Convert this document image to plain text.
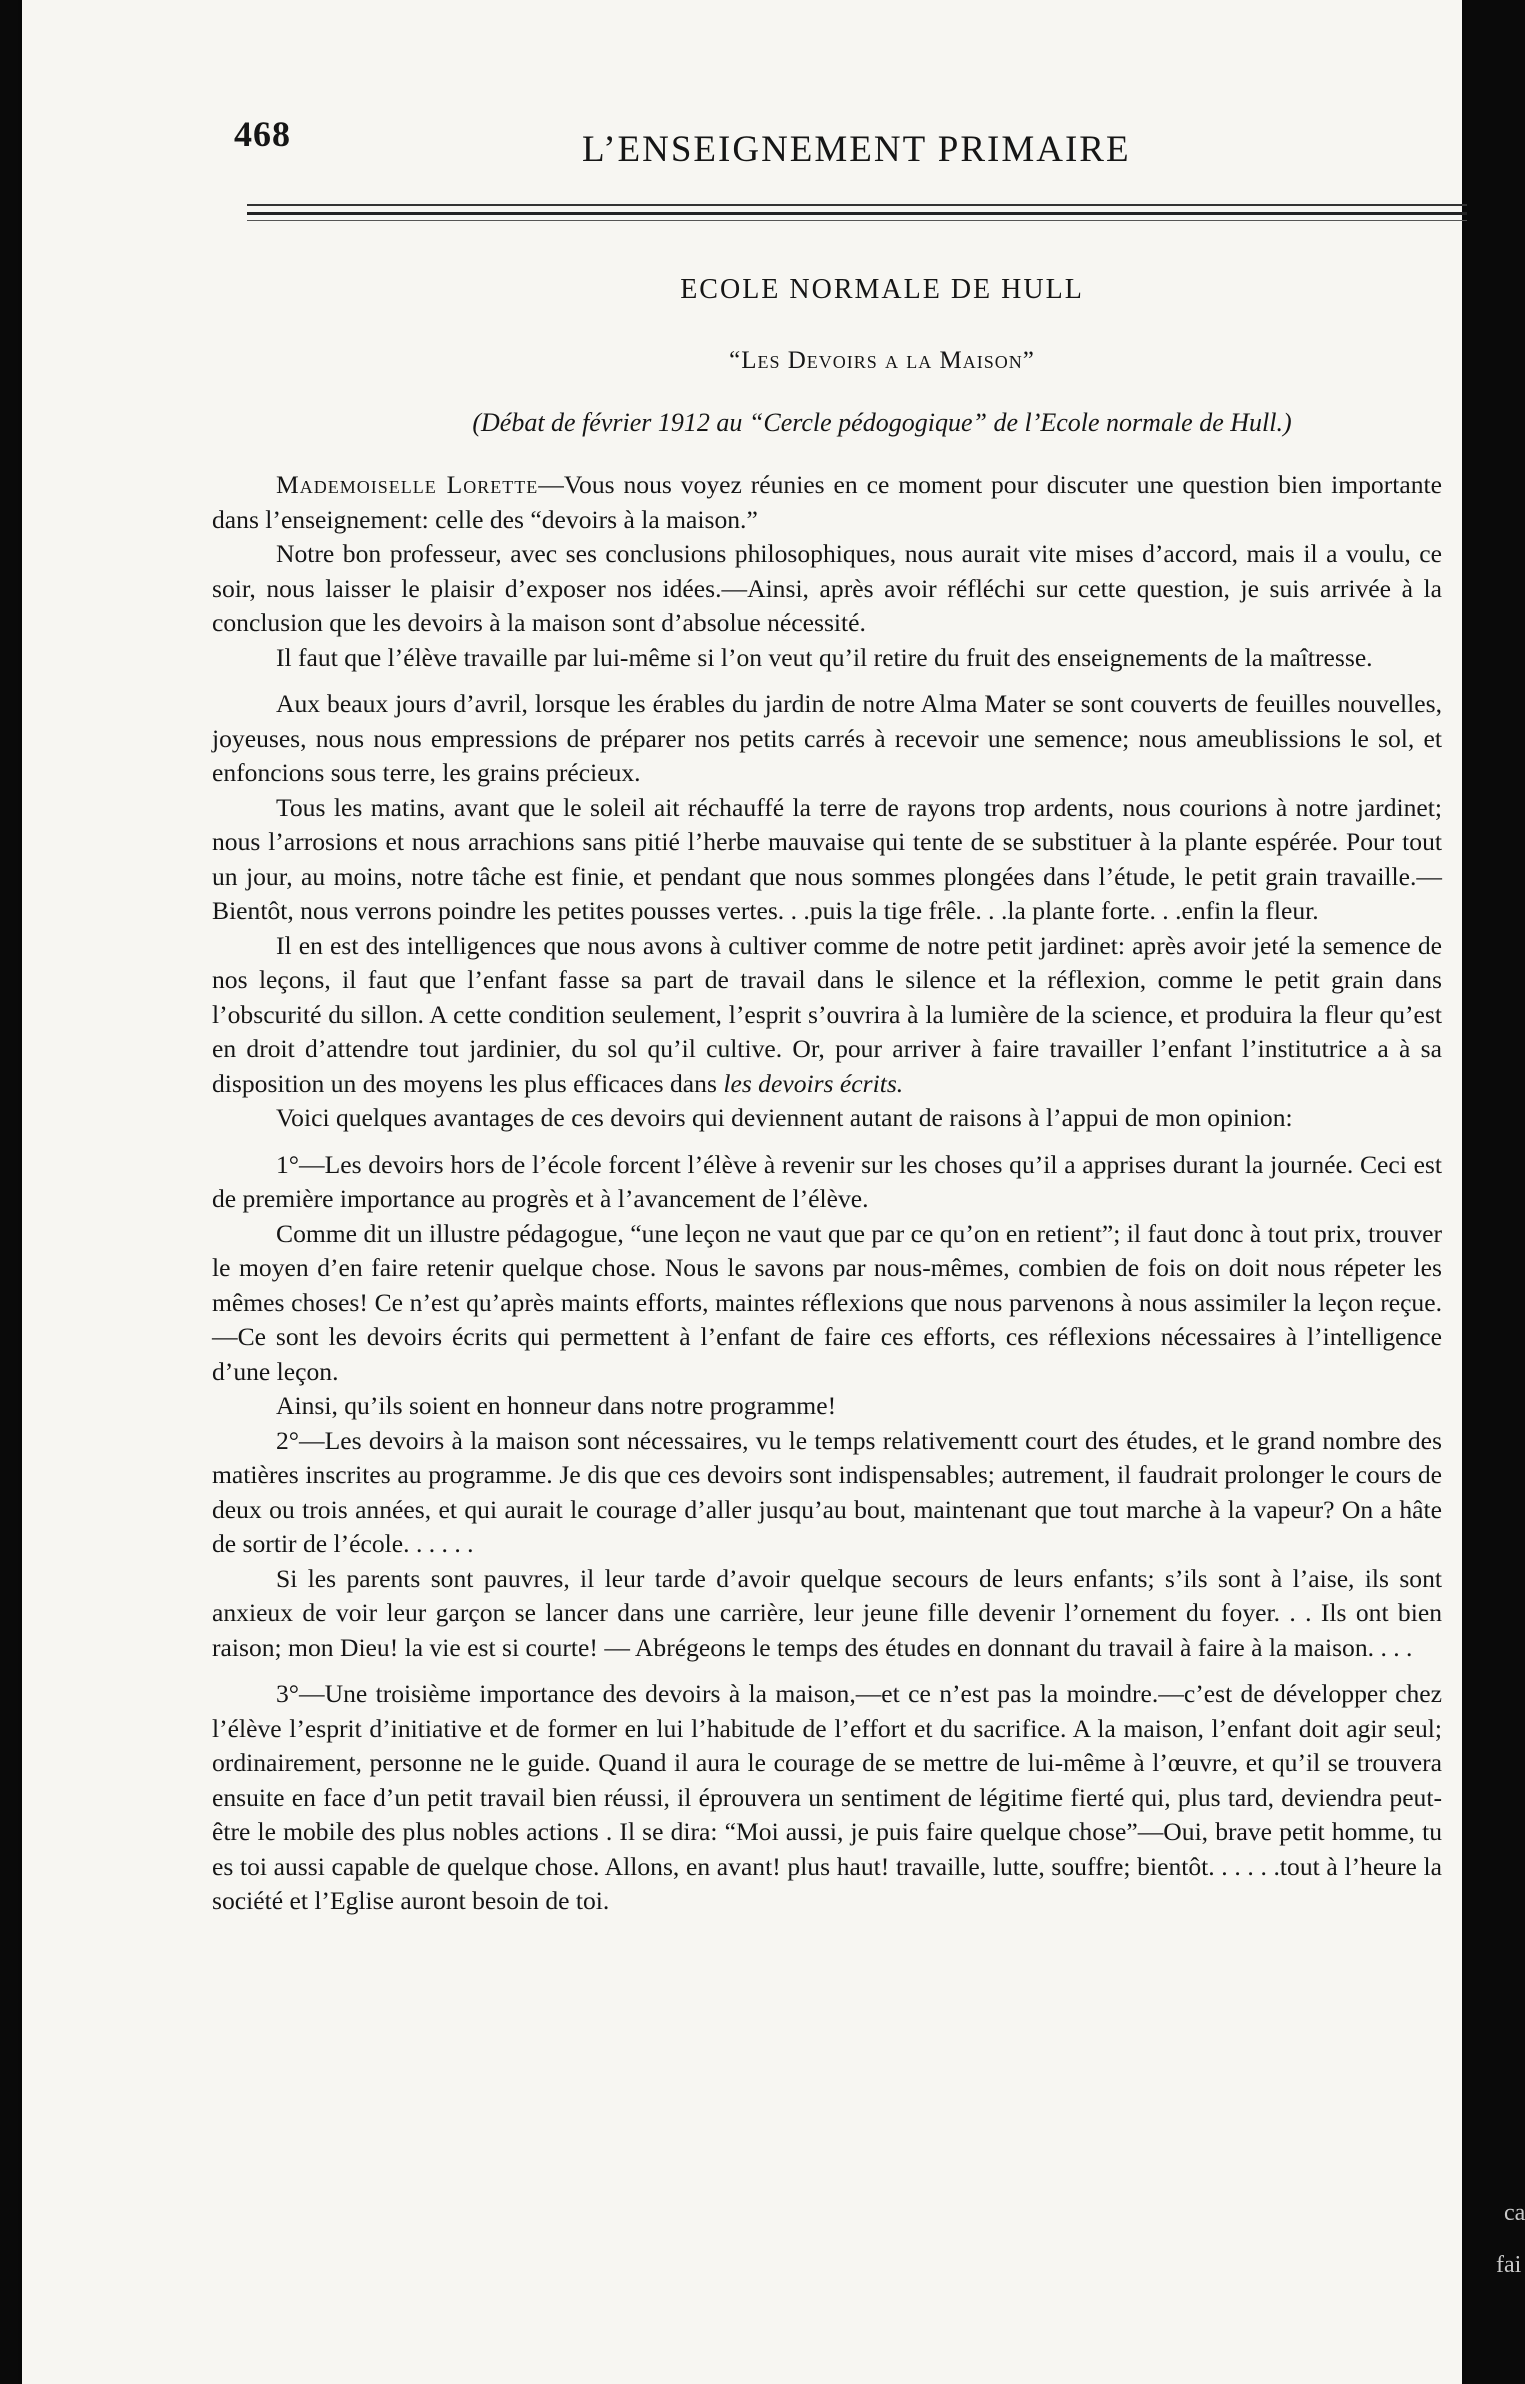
468	L’ENSEIGNEMENT PRIMAIRE
ECOLE NORMALE DE HULL
“Les Devoirs a la Maison”
(Débat de février 1912 au “Cercle pédogogique” de l’Ecole normale de Hull.)

Mademoiselle Lorette—Vous nous voyez réunies en ce moment pour discuter une question bien importante dans l’enseignement: celle des “devoirs à la maison.”

Notre bon professeur, avec ses conclusions philosophiques, nous aurait vite mises d’accord, mais il a voulu, ce soir, nous laisser le plaisir d’exposer nos idées.—Ainsi, après avoir réfléchi sur cette question, je suis arrivée à la conclusion que les devoirs à la maison sont d’absolue nécessité.

Il faut que l’élève travaille par lui-même si l’on veut qu’il retire du fruit des enseignements de la maîtresse.

Aux beaux jours d’avril, lorsque les érables du jardin de notre Alma Mater se sont couverts de feuilles nouvelles, joyeuses, nous nous empressions de préparer nos petits carrés à recevoir une semence; nous ameublissions le sol, et enfoncions sous terre, les grains précieux.

Tous les matins, avant que le soleil ait réchauffé la terre de rayons trop ardents, nous courions à notre jardinet; nous l’arrosions et nous arrachions sans pitié l’herbe mauvaise qui tente de se substituer à la plante espérée. Pour tout un jour, au moins, notre tâche est finie, et pendant que nous sommes plongées dans l’étude, le petit grain travaille.—Bientôt, nous verrons poindre les petites pousses vertes. . .puis la tige frêle. . .la plante forte. . .enfin la fleur.

Il en est des intelligences que nous avons à cultiver comme de notre petit jardinet: après avoir jeté la semence de nos leçons, il faut que l’enfant fasse sa part de travail dans le silence et la réflexion, comme le petit grain dans l’obscurité du sillon. A cette condition seulement, l’esprit s’ouvrira à la lumière de la science, et produira la fleur qu’est en droit d’attendre tout jardinier, du sol qu’il cultive. Or, pour arriver à faire travailler l’enfant l’institutrice a à sa disposition un des moyens les plus efficaces dans les devoirs écrits.

Voici quelques avantages de ces devoirs qui deviennent autant de raisons à l’appui de mon opinion:

1°—Les devoirs hors de l’école forcent l’élève à revenir sur les choses qu’il a apprises durant la journée. Ceci est de première importance au progrès et à l’avancement de l’élève.

Comme dit un illustre pédagogue, “une leçon ne vaut que par ce qu’on en retient”; il faut donc à tout prix, trouver le moyen d’en faire retenir quelque chose. Nous le savons par nous-mêmes, combien de fois on doit nous répeter les mêmes choses! Ce n’est qu’après maints efforts, maintes réflexions que nous parvenons à nous assimiler la leçon reçue.—Ce sont les devoirs écrits qui permettent à l’enfant de faire ces efforts, ces réflexions nécessaires à l’intelligence d’une leçon.

Ainsi, qu’ils soient en honneur dans notre programme!

2°—Les devoirs à la maison sont nécessaires, vu le temps relativementt court des études, et le grand nombre des matières inscrites au programme. Je dis que ces devoirs sont indispensables; autrement, il faudrait prolonger le cours de deux ou trois années, et qui aurait le courage d’aller jusqu’au bout, maintenant que tout marche à la vapeur? On a hâte de sortir de l’école. . . . . .

Si les parents sont pauvres, il leur tarde d’avoir quelque secours de leurs enfants; s’ils sont à l’aise, ils sont anxieux de voir leur garçon se lancer dans une carrière, leur jeune fille devenir l’ornement du foyer. . . Ils ont bien raison; mon Dieu! la vie est si courte! — Abrégeons le temps des études en donnant du travail à faire à la maison. . . .

3°—Une troisième importance des devoirs à la maison,—et ce n’est pas la moindre.—c’est de développer chez l’élève l’esprit d’initiative et de former en lui l’habitude de l’effort et du sacrifice. A la maison, l’enfant doit agir seul; ordinairement, personne ne le guide. Quand il aura le courage de se mettre de lui-même à l’œuvre, et qu’il se trouvera ensuite en face d’un petit travail bien réussi, il éprouvera un sentiment de légitime fierté qui, plus tard, deviendra peut-être le mobile des plus nobles actions . Il se dira: “Moi aussi, je puis faire quelque chose”—Oui, brave petit homme, tu es toi aussi capable de quelque chose. Allons, en avant! plus haut! travaille, lutte, souffre; bientôt. . . . . .tout à l’heure la société et l’Eglise auront besoin de toi.

ca
fai
